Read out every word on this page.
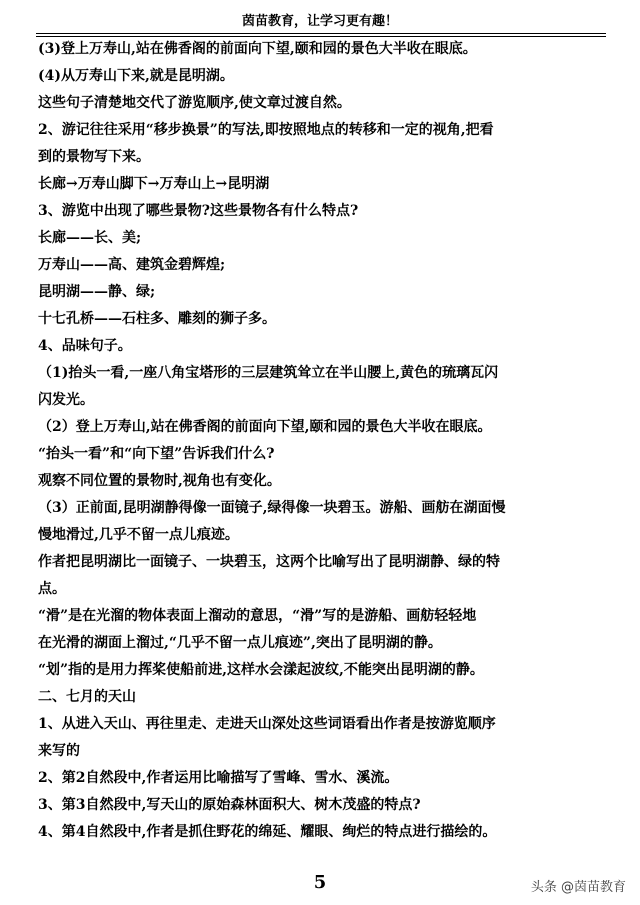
茵苗教育，让学习更有趣！
(3)登上万寿山,站在佛香阁的前面向下望,颐和园的景色大半收在眼底。
(4)从万寿山下来,就是昆明湖。
这些句子清楚地交代了游览顺序,使文章过渡自然。
2、游记往往采用“移步换景”的写法,即按照地点的转移和一定的视角,把看
到的景物写下来。
长廊→万寿山脚下→万寿山上→昆明湖
3、游览中出现了哪些景物?这些景物各有什么特点?
长廊——长、美;
万寿山——高、建筑金碧辉煌;
昆明湖——静、绿;
十七孔桥——石柱多、雕刻的狮子多。
4、品味句子。
（1)抬头一看,一座八角宝塔形的三层建筑耸立在半山腰上,黄色的琉璃瓦闪
闪发光。
（2）登上万寿山,站在佛香阁的前面向下望,颐和园的景色大半收在眼底。
“抬头一看”和“向下望”告诉我们什么?
观察不同位置的景物时,视角也有变化。
（3）正前面,昆明湖静得像一面镜子,绿得像一块碧玉。游船、画舫在湖面慢
慢地滑过,几乎不留一点儿痕迹。
作者把昆明湖比一面镜子、一块碧玉，这两个比喻写出了昆明湖静、绿的特
点。
“滑”是在光溜的物体表面上溜动的意思，“滑”写的是游船、画舫轻轻地
在光滑的湖面上溜过,“几乎不留一点儿痕迹”,突出了昆明湖的静。
“划”指的是用力挥桨使船前进,这样水会漾起波纹,不能突出昆明湖的静。
二、七月的天山
1、从进入天山、再往里走、走进天山深处这些词语看出作者是按游览顺序
来写的
2、第2自然段中,作者运用比喻描写了雪峰、雪水、溪流。
3、第3自然段中,写天山的原始森林面积大、树木茂盛的特点?
4、第4自然段中,作者是抓住野花的绵延、耀眼、绚烂的特点进行描绘的。
5	头条 @茵苗教育
